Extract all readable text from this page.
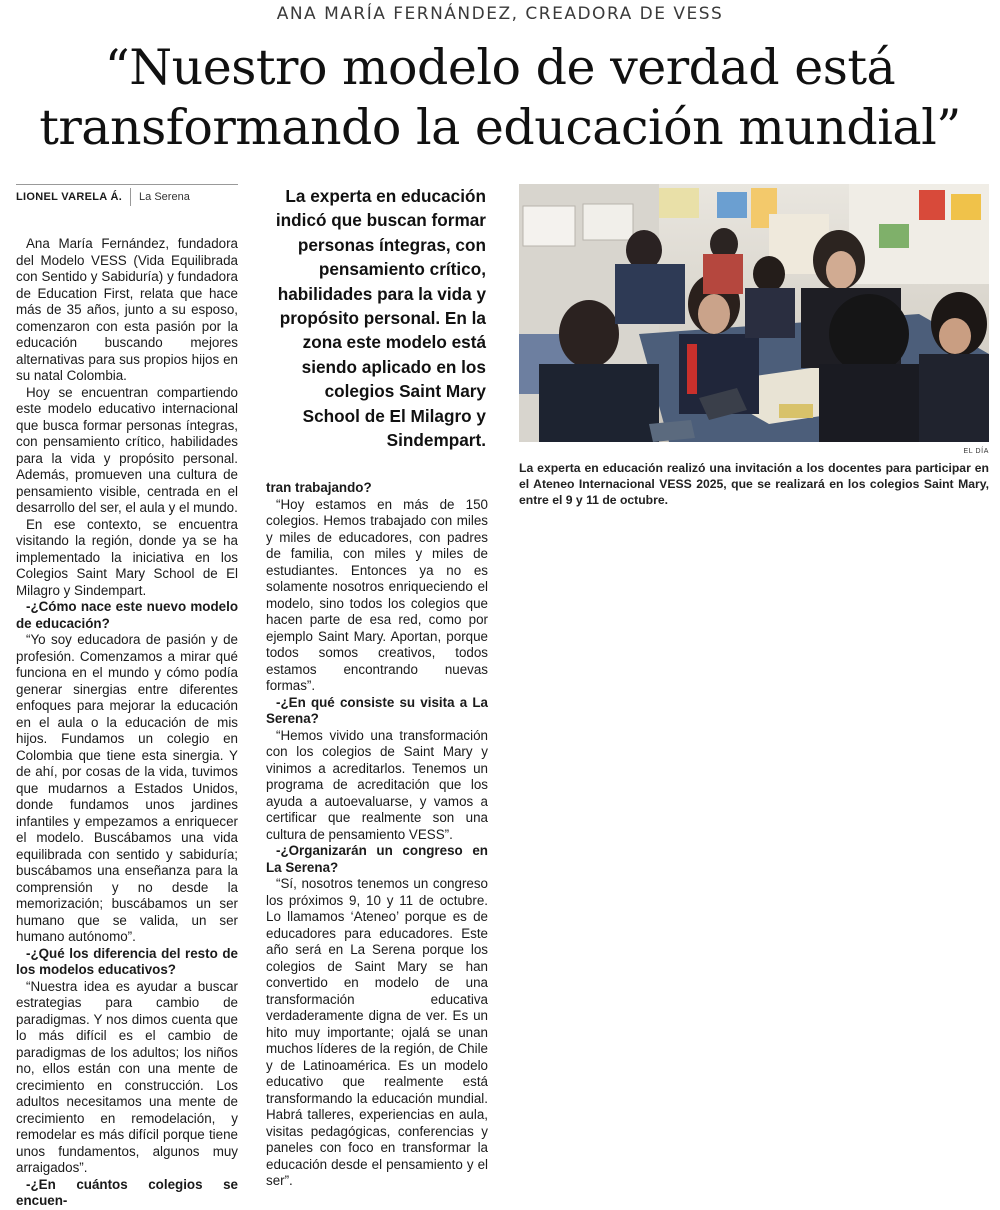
ANA MARÍA FERNÁNDEZ, CREADORA DE VESS
“Nuestro modelo de verdad está
transformando la educación mundial”
LIONEL VARELA Á. La Serena

Ana María Fernández, fundadora del Modelo VESS (Vida Equilibrada con Sentido y Sabiduría) y fundadora de Education First, relata que hace más de 35 años, junto a su esposo, comenzaron con esta pasión por la educación buscando mejores alternativas para sus propios hijos en su natal Colombia.

Hoy se encuentran compartiendo este modelo educativo internacional que busca formar personas íntegras, con pensamiento crítico, habilidades para la vida y propósito personal. Además, promueven una cultura de pensamiento visible, centrada en el desarrollo del ser, el aula y el mundo.

En ese contexto, se encuentra visitando la región, donde ya se ha implementado la iniciativa en los Colegios Saint Mary School de El Milagro y Sindempart.

-¿Cómo nace este nuevo modelo de educación?

“Yo soy educadora de pasión y de profesión. Comenzamos a mirar qué funciona en el mundo y cómo podía generar sinergias entre diferentes enfoques para mejorar la educación en el aula o la educación de mis hijos. Fundamos un colegio en Colombia que tiene esta sinergia. Y de ahí, por cosas de la vida, tuvimos que mudarnos a Estados Unidos, donde fundamos unos jardines infantiles y empezamos a enriquecer el modelo. Buscábamos una vida equilibrada con sentido y sabiduría; buscábamos una enseñanza para la comprensión y no desde la memorización; buscábamos un ser humano que se valida, un ser humano autónomo”.

-¿Qué los diferencia del resto de los modelos educativos?

“Nuestra idea es ayudar a buscar estrategias para cambio de paradigmas. Y nos dimos cuenta que lo más difícil es el cambio de paradigmas de los adultos; los niños no, ellos están con una mente de crecimiento en construcción. Los adultos necesitamos una mente de crecimiento en remodelación, y remodelar es más difícil porque tiene unos fundamentos, algunos muy arraigados”.

-¿En cuántos colegios se encuen-

La experta en educación indicó que buscan formar personas íntegras, con pensamiento crítico, habilidades para la vida y propósito personal. En la zona este modelo está siendo aplicado en los colegios Saint Mary School de El Milagro y Sindempart.

tran trabajando?

“Hoy estamos en más de 150 colegios. Hemos trabajado con miles y miles de educadores, con padres de familia, con miles y miles de estudiantes. Entonces ya no es solamente nosotros enriqueciendo el modelo, sino todos los colegios que hacen parte de esa red, como por ejemplo Saint Mary. Aportan, porque todos somos creativos, todos estamos encontrando nuevas formas”.

-¿En qué consiste su visita a La Serena?

“Hemos vivido una transformación con los colegios de Saint Mary y vinimos a acreditarlos. Tenemos un programa de acreditación que los ayuda a autoevaluarse, y vamos a certificar que realmente son una cultura de pensamiento VESS”.

-¿Organizarán un congreso en La Serena?

“Sí, nosotros tenemos un congreso los próximos 9, 10 y 11 de octubre. Lo llamamos ‘Ateneo’ porque es de educadores para educadores. Este año será en La Serena porque los colegios de Saint Mary se han convertido en modelo de una transformación educativa verdaderamente digna de ver. Es un hito muy importante; ojalá se unan muchos líderes de la región, de Chile y de Latinoamérica. Es un modelo educativo que realmente está transformando la educación mundial. Habrá talleres, experiencias en aula, visitas pedagógicas, conferencias y paneles con foco en transformar la educación desde el pensamiento y el ser”.

EL DÍA
La experta en educación realizó una invitación a los docentes para participar en el Ateneo Internacional VESS 2025, que se realizará en los colegios Saint Mary, entre el 9 y 11 de octubre.
